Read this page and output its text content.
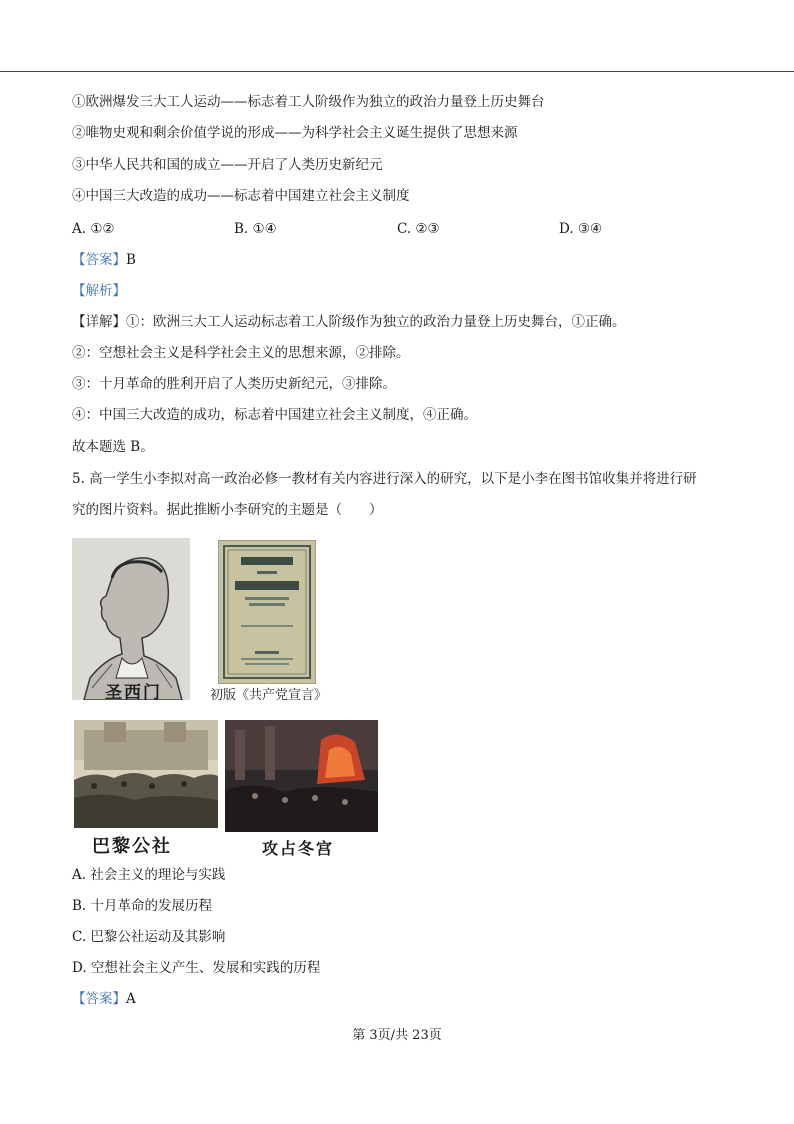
①欧洲爆发三大工人运动——标志着工人阶级作为独立的政治力量登上历史舞台
②唯物史观和剩余价值学说的形成——为科学社会主义诞生提供了思想来源
③中华人民共和国的成立——开启了人类历史新纪元
④中国三大改造的成功——标志着中国建立社会主义制度
A. ①②	B. ①④	C. ②③	D. ③④
【答案】B
【解析】
【详解】①：欧洲三大工人运动标志着工人阶级作为独立的政治力量登上历史舞台，①正确。
②：空想社会主义是科学社会主义的思想来源，②排除。
③：十月革命的胜利开启了人类历史新纪元，③排除。
④：中国三大改造的成功，标志着中国建立社会主义制度，④正确。
故本题选 B。
5. 高一学生小李拟对高一政治必修一教材有关内容进行深入的研究，以下是小李在图书馆收集并将进行研
究的图片资料。据此推断小李研究的主题是（　　）
圣西门	初版《共产党宣言》
巴黎公社	攻占冬宫
A. 社会主义的理论与实践
B. 十月革命的发展历程
C. 巴黎公社运动及其影响
D. 空想社会主义产生、发展和实践的历程
【答案】A
第 3页/共 23页
